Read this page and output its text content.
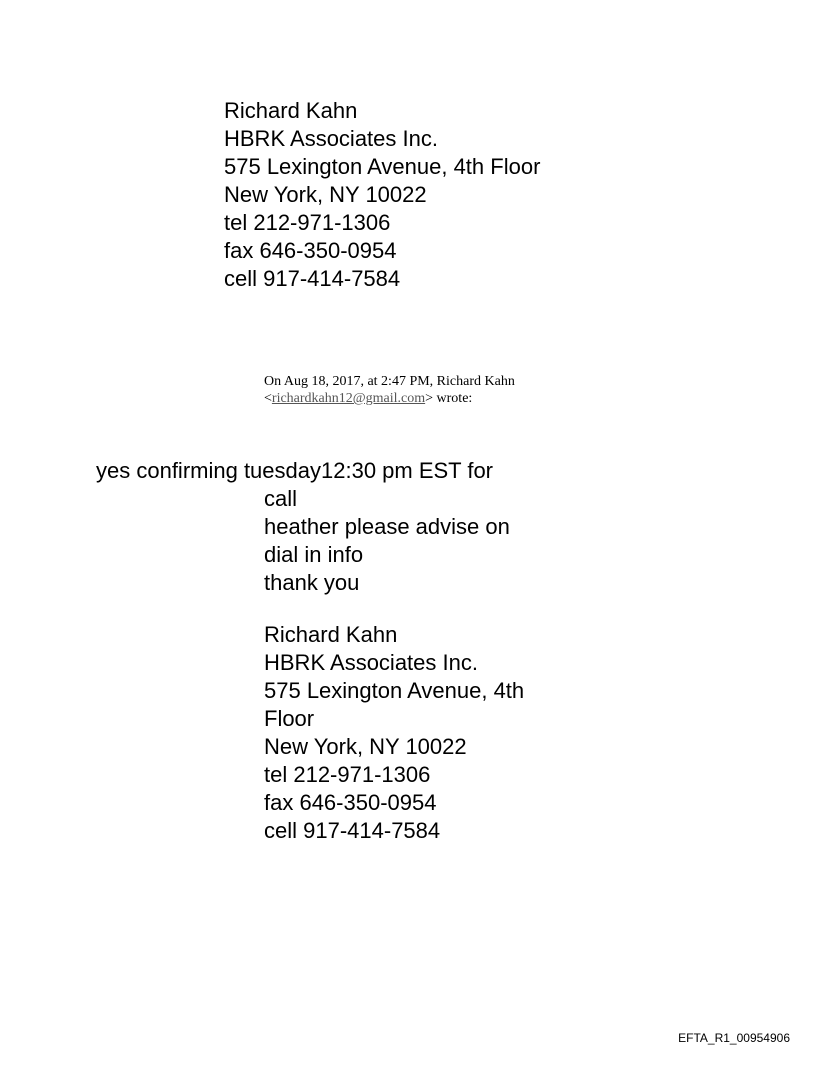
Richard Kahn
HBRK Associates Inc.
575 Lexington Avenue, 4th Floor
New York, NY 10022
tel 212-971-1306
fax 646-350-0954
cell 917-414-7584
On Aug 18, 2017, at 2:47 PM, Richard Kahn
<richardkahn12@gmail.com> wrote:
yes confirming tuesday12:30 pm EST for
call
heather please advise on
dial in info
thank you
Richard Kahn
HBRK Associates Inc.
575 Lexington Avenue, 4th
Floor
New York, NY 10022
tel 212-971-1306
fax 646-350-0954
cell 917-414-7584
EFTA_R1_00954906
